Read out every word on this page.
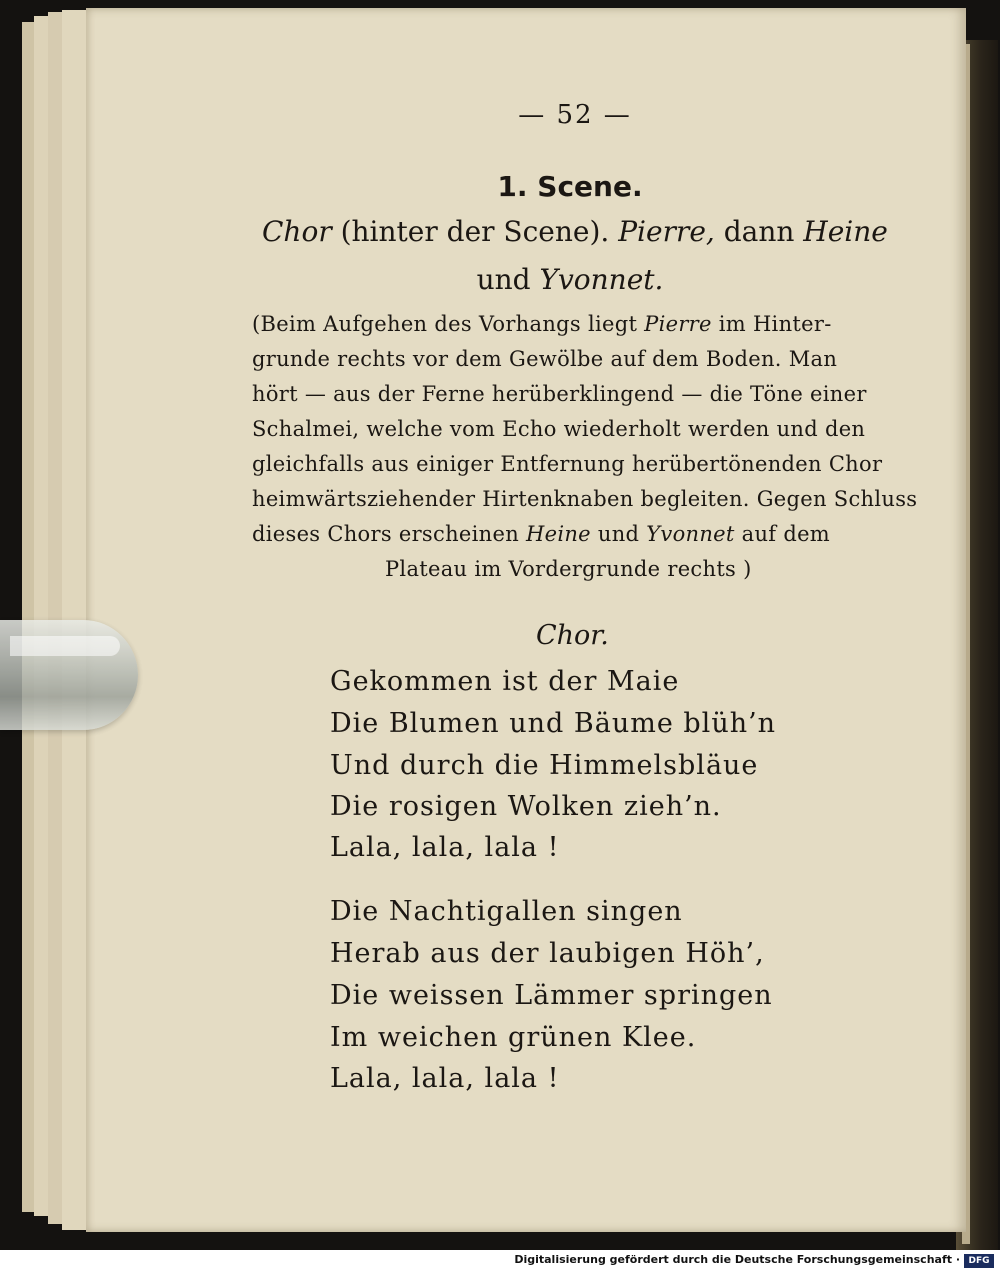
— 52 —
1. Scene.
Chor (hinter der Scene). Pierre, dann Heine
und Yvonnet.
(Beim Aufgehen des Vorhangs liegt Pierre im Hinter-
grunde rechts vor dem Gewölbe auf dem Boden. Man
hört — aus der Ferne herüberklingend — die Töne einer
Schalmei, welche vom Echo wiederholt werden und den
gleichfalls aus einiger Entfernung herübertönenden Chor
heimwärtsziehender Hirtenknaben begleiten. Gegen Schluss
dieses Chors erscheinen Heine und Yvonnet auf dem
Plateau im Vordergrunde rechts )
Chor.
Gekommen ist der Maie
Die Blumen und Bäume blüh’n
Und durch die Himmelsbläue
Die rosigen Wolken zieh’n.
Lala, lala, lala !
Die Nachtigallen singen
Herab aus der laubigen Höh’,
Die weissen Lämmer springen
Im weichen grünen Klee.
Lala, lala, lala !
Digitalisierung gefördert durch die Deutsche Forschungsgemeinschaft · DFG
